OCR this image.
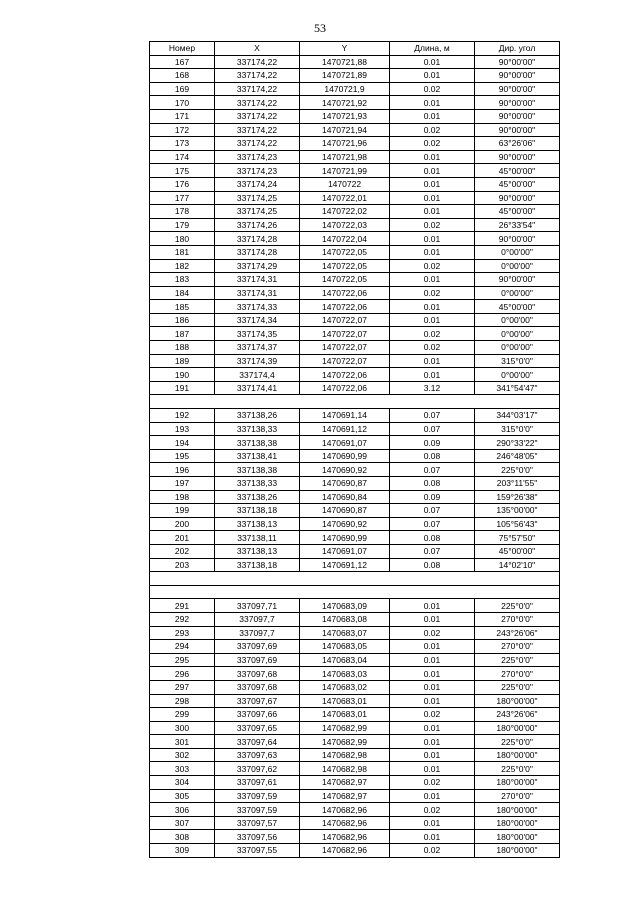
53
Номер	X	Y	Длина, м	Дир. угол
167	337174,22	1470721,88	0.01	90°00'00"
168	337174,22	1470721,89	0.01	90°00'00"
169	337174,22	1470721,9	0.02	90°00'00"
170	337174,22	1470721,92	0.01	90°00'00"
171	337174,22	1470721,93	0.01	90°00'00"
172	337174,22	1470721,94	0.02	90°00'00"
173	337174,22	1470721,96	0.02	63°26'06"
174	337174,23	1470721,98	0.01	90°00'00"
175	337174,23	1470721,99	0.01	45°00'00"
176	337174,24	1470722	0.01	45°00'00"
177	337174,25	1470722,01	0.01	90°00'00"
178	337174,25	1470722,02	0.01	45°00'00"
179	337174,26	1470722,03	0.02	26°33'54"
180	337174,28	1470722,04	0.01	90°00'00"
181	337174,28	1470722,05	0.01	0°00'00"
182	337174,29	1470722,05	0.02	0°00'00"
183	337174,31	1470722,05	0.01	90°00'00"
184	337174,31	1470722,06	0.02	0°00'00"
185	337174,33	1470722,06	0.01	45°00'00"
186	337174,34	1470722,07	0.01	0°00'00"
187	337174,35	1470722,07	0.02	0°00'00"
188	337174,37	1470722,07	0.02	0°00'00"
189	337174,39	1470722,07	0.01	315°0'0"
190	337174,4	1470722,06	0.01	0°00'00"
191	337174,41	1470722,06	3.12	341°54'47"

192	337138,26	1470691,14	0.07	344°03'17"
193	337138,33	1470691,12	0.07	315°0'0"
194	337138,38	1470691,07	0.09	290°33'22"
195	337138,41	1470690,99	0.08	246°48'05"
196	337138,38	1470690,92	0.07	225°0'0"
197	337138,33	1470690,87	0.08	203°11'55"
198	337138,26	1470690,84	0.09	159°26'38"
199	337138,18	1470690,87	0.07	135°00'00"
200	337138,13	1470690,92	0.07	105°56'43"
201	337138,11	1470690,99	0.08	75°57'50"
202	337138,13	1470691,07	0.07	45°00'00"
203	337138,18	1470691,12	0.08	14°02'10"

291	337097,71	1470683,09	0.01	225°0'0"
292	337097,7	1470683,08	0.01	270°0'0"
293	337097,7	1470683,07	0.02	243°26'06"
294	337097,69	1470683,05	0.01	270°0'0"
295	337097,69	1470683,04	0.01	225°0'0"
296	337097,68	1470683,03	0.01	270°0'0"
297	337097,68	1470683,02	0.01	225°0'0"
298	337097,67	1470683,01	0.01	180°00'00"
299	337097,66	1470683,01	0.02	243°26'06"
300	337097,65	1470682,99	0.01	180°00'00"
301	337097,64	1470682,99	0.01	225°0'0"
302	337097,63	1470682,98	0.01	180°00'00"
303	337097,62	1470682,98	0.01	225°0'0"
304	337097,61	1470682,97	0.02	180°00'00"
305	337097,59	1470682,97	0.01	270°0'0"
306	337097,59	1470682,96	0.02	180°00'00"
307	337097,57	1470682,96	0.01	180°00'00"
308	337097,56	1470682,96	0.01	180°00'00"
309	337097,55	1470682,96	0.02	180°00'00"
